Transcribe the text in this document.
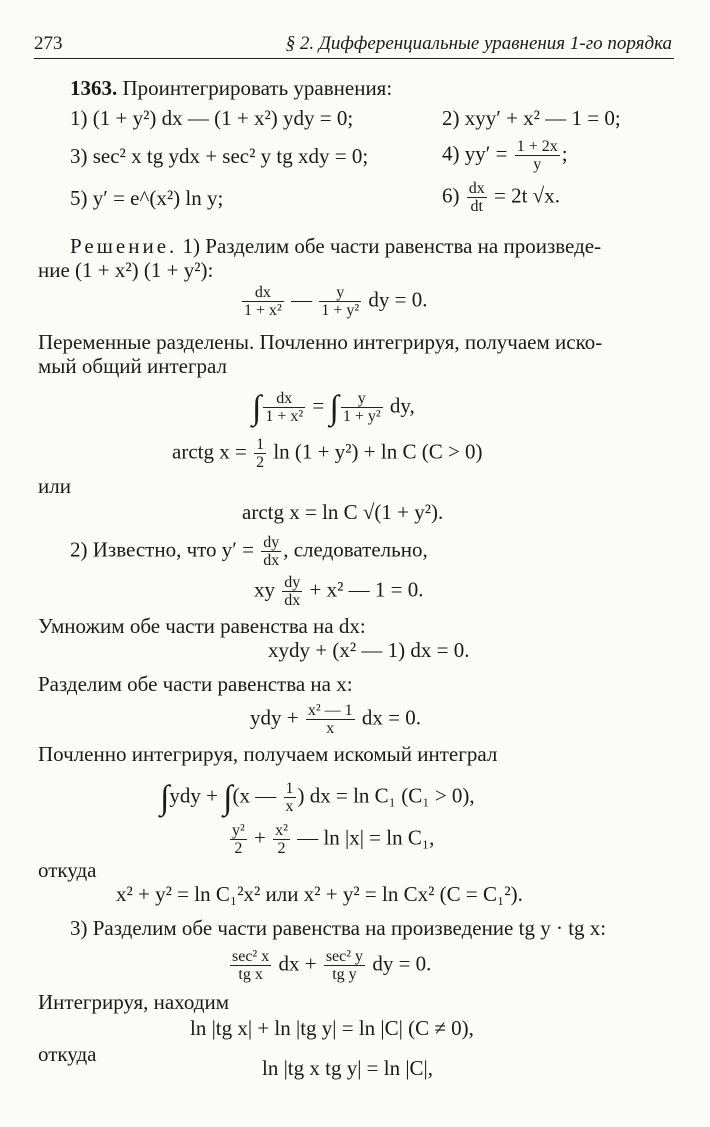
273	§ 2. Дифференциальные уравнения 1-го порядка
1363. Проинтегрировать уравнения:
1) (1 + y²) dx — (1 + x²) ydy = 0;	2) xyy′ + x² — 1 = 0;
3) sec² x tg ydx + sec² y tg xdy = 0;	4) $yy' = \frac{1 + 2x}{y}$ ;
5) y′ = e^(x²) ln y;	$6) \frac{dx}{dt} = 2t$ √x.
Решение. 1) Разделим обе части равенства на произведе-
ние (1 + x²) (1 + y²):
$\frac{dx}{\text{1 + x²}}$ — $\frac{y}{\text{1 + y²}}$ dy = 0.
Переменные разделены. Почленно интегрируя, получаем иско-
мый общий интеграл
∫ $\frac{dx}{\text{1 + x²}}$ = ∫ $\frac{y}{\text{1 + y²}}$ dy,
arctg $x = \frac{1}{2}$ ln (1 + y²) + ln C (C > 0)
или
arctg x = ln C √(1 + y²).
2) Известно, что $y' = \frac{dy}{dx}$ , следовательно,
xy $\frac{dy}{dx} + x^2$ — 1 = 0.
Умножим обе части равенства на dx:
xydy + (x² — 1) dx = 0.
Разделим обе части равенства на x:
ydy + $\frac{\text{x² — 1}}{x}$ dx = 0.
Почленно интегрируя, получаем искомый интеграл
∫ydy + ∫(x — $\frac{1}{x}$ ) dx = ln C₁ (C₁ > 0),
$\frac{\text{y²}}{2} + \frac{\text{x²}}{2}$ — ln |x| = ln C₁,
откуда
x² + y² = ln C₁²x² или x² + y² = ln Cx² (C = C₁²).
3) Разделим обе части равенства на произведение tg y · tg x:
$\frac{\text{sec² x}}{\text{tg x}}$ dx + $\frac{\text{sec² y}}{\text{tg y}}$ dy = 0.
Интегрируя, находим
ln |tg x| + ln |tg y| = ln |C| (C ≠ 0),
откуда
ln |tg x tg y| = ln |C|,
